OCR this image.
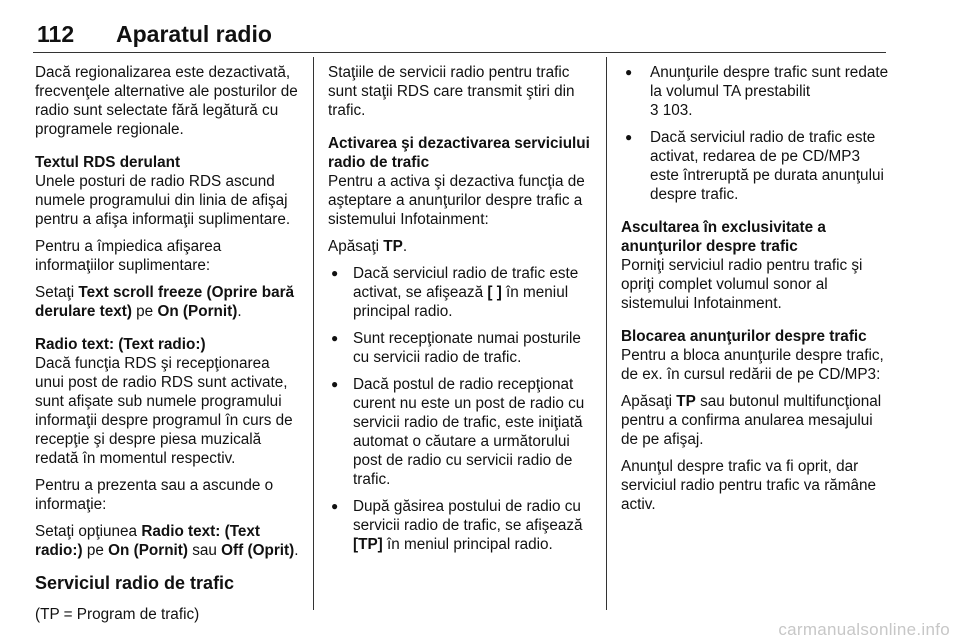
112 Aparatul radio

Dacă regionalizarea este dezactivată, frecvenţele alternative ale posturilor de radio sunt selectate fără legătură cu programele regionale.

Textul RDS derulant

Unele posturi de radio RDS ascund numele programului din linia de afişaj pentru a afişa informaţii suplimentare.

Pentru a împiedica afişarea informaţiilor suplimentare:

Setaţi Text scroll freeze (Oprire bară derulare text) pe On (Pornit).

Radio text: (Text radio:)

Dacă funcţia RDS şi recepţionarea unui post de radio RDS sunt activate, sunt afişate sub numele programului informaţii despre programul în curs de recepţie şi despre piesa muzicală redată în momentul respectiv.

Pentru a prezenta sau a ascunde o informaţie:

Setaţi opţiunea Radio text: (Text radio:) pe On (Pornit) sau Off (Oprit).

Serviciul radio de trafic

(TP = Program de trafic)

Staţiile de servicii radio pentru trafic sunt staţii RDS care transmit ştiri din trafic.

Activarea şi dezactivarea serviciului radio de trafic

Pentru a activa şi dezactiva funcţia de aşteptare a anunţurilor despre trafic a sistemului Infotainment:

Apăsaţi TP.

● Dacă serviciul radio de trafic este activat, se afişează [ ] în meniul principal radio.
● Sunt recepţionate numai posturile cu servicii radio de trafic.
● Dacă postul de radio recepţionat curent nu este un post de radio cu servicii radio de trafic, este iniţiată automat o căutare a următorului post de radio cu servicii radio de trafic.
● După găsirea postului de radio cu servicii radio de trafic, se afişează [TP] în meniul principal radio.
● Anunţurile despre trafic sunt redate la volumul TA prestabilit
3 103.
● Dacă serviciul radio de trafic este activat, redarea de pe CD/MP3 este întreruptă pe durata anunţului despre trafic.

Ascultarea în exclusivitate a anunţurilor despre trafic

Porniţi serviciul radio pentru trafic şi opriţi complet volumul sonor al sistemului Infotainment.

Blocarea anunţurilor despre trafic

Pentru a bloca anunţurile despre trafic, de ex. în cursul redării de pe CD/MP3:

Apăsaţi TP sau butonul multifuncţional pentru a confirma anularea mesajului de pe afişaj.

Anunţul despre trafic va fi oprit, dar serviciul radio pentru trafic va rămâne activ.

carmanualsonline.info
